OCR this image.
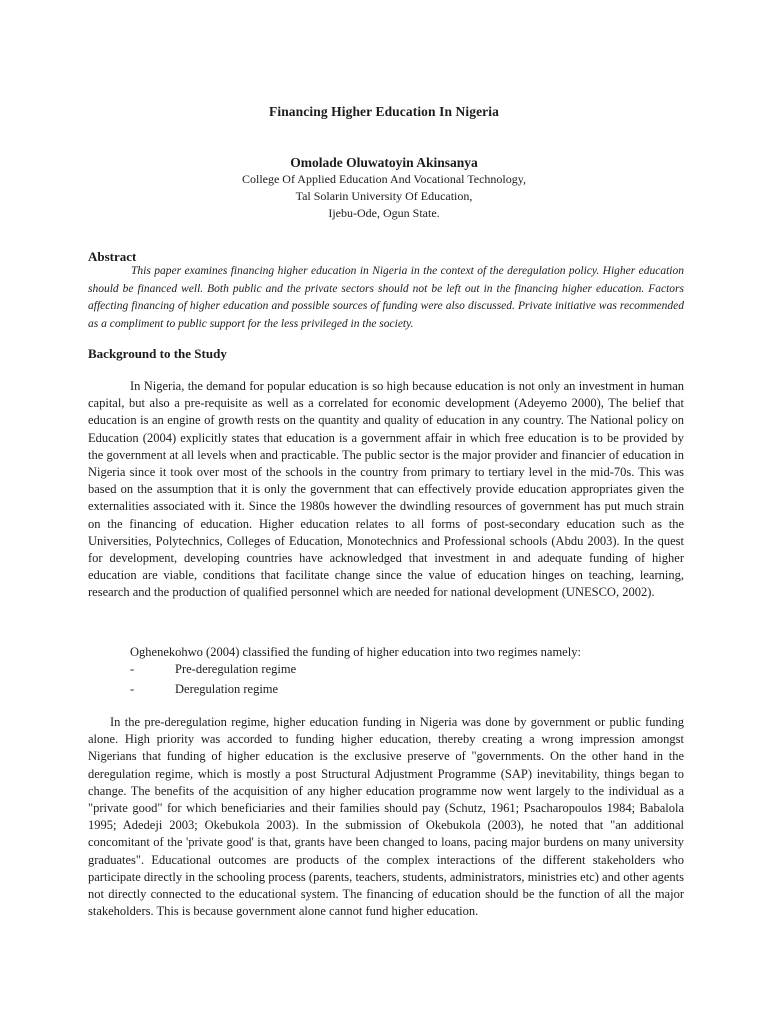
Financing Higher Education In Nigeria
Omolade Oluwatoyin Akinsanya
College Of Applied Education And Vocational Technology,
Tal Solarin University Of Education,
Ijebu-Ode, Ogun State.
Abstract

This paper examines financing higher education in Nigeria in the context of the deregulation policy. Higher education should be financed well. Both public and the private sectors should not be left out in the financing higher education. Factors affecting financing of higher education and possible sources of funding were also discussed. Private initiative was recommended as a compliment to public support for the less privileged in the society.

Background to the Study

In Nigeria, the demand for popular education is so high because education is not only an investment in human capital, but also a pre-requisite as well as a correlated for economic development (Adeyemo 2000), The belief that education is an engine of growth rests on the quantity and quality of education in any country. The National policy on Education (2004) explicitly states that education is a government affair in which free education is to be provided by the government at all levels when and practicable. The public sector is the major provider and financier of education in Nigeria since it took over most of the schools in the country from primary to tertiary level in the mid-70s. This was based on the assumption that it is only the government that can effectively provide education appropriates given the externalities associated with it. Since the 1980s however the dwindling resources of government has put much strain on the financing of education. Higher education relates to all forms of post-secondary education such as the Universities, Polytechnics, Colleges of Education, Monotechnics and Professional schools (Abdu 2003). In the quest for development, developing countries have acknowledged that investment in and adequate funding of higher education are viable, conditions that facilitate change since the value of education hinges on teaching, learning, research and the production of qualified personnel which are needed for national development (UNESCO, 2002).

Oghenekohwo (2004) classified the funding of higher education into two regimes namely:

-	Pre-deregulation regime
-	Deregulation regime

In the pre-deregulation regime, higher education funding in Nigeria was done by government or public funding alone. High priority was accorded to funding higher education, thereby creating a wrong impression amongst Nigerians that funding of higher education is the exclusive preserve of "governments. On the other hand in the deregulation regime, which is mostly a post Structural Adjustment Programme (SAP) inevitability, things began to change. The benefits of the acquisition of any higher education programme now went largely to the individual as a "private good" for which beneficiaries and their families should pay (Schutz, 1961; Psacharopoulos 1984; Babalola 1995; Adedeji 2003; Okebukola 2003). In the submission of Okebukola (2003), he noted that "an additional concomitant of the 'private good' is that, grants have been changed to loans, pacing major burdens on many university graduates". Educational outcomes are products of the complex interactions of the different stakeholders who participate directly in the schooling process (parents, teachers, students, administrators, ministries etc) and other agents not directly connected to the educational system. The financing of education should be the function of all the major stakeholders. This is because government alone cannot fund higher education.
